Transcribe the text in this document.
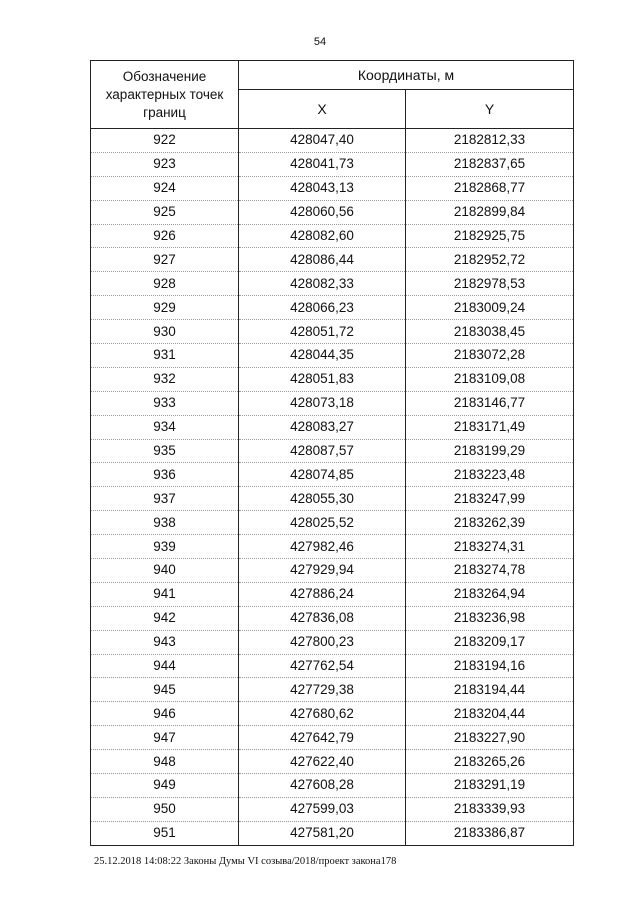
54
Обозначение характерных точек границ	Координаты, м	
	X	Y
922	428047,40	2182812,33
923	428041,73	2182837,65
924	428043,13	2182868,77
925	428060,56	2182899,84
926	428082,60	2182925,75
927	428086,44	2182952,72
928	428082,33	2182978,53
929	428066,23	2183009,24
930	428051,72	2183038,45
931	428044,35	2183072,28
932	428051,83	2183109,08
933	428073,18	2183146,77
934	428083,27	2183171,49
935	428087,57	2183199,29
936	428074,85	2183223,48
937	428055,30	2183247,99
938	428025,52	2183262,39
939	427982,46	2183274,31
940	427929,94	2183274,78
941	427886,24	2183264,94
942	427836,08	2183236,98
943	427800,23	2183209,17
944	427762,54	2183194,16
945	427729,38	2183194,44
946	427680,62	2183204,44
947	427642,79	2183227,90
948	427622,40	2183265,26
949	427608,28	2183291,19
950	427599,03	2183339,93
951	427581,20	2183386,87
25.12.2018 14:08:22 Законы Думы VI созыва/2018/проект закона178
